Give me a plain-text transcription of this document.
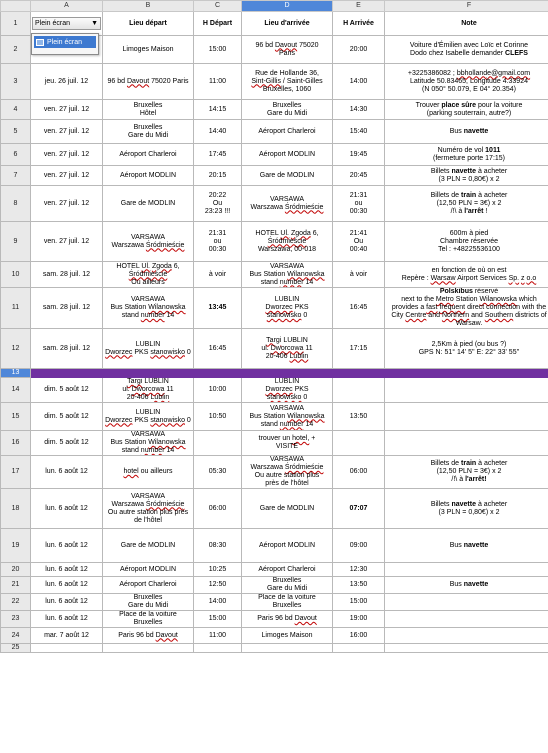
	A	B	C	D	E	F
1	Plein écran ▼	Lieu départ	H Départ	Lieu d'arrivée	H Arrivée	Note
2		Limoges Maison	15:00	96 bd Davout 75020
Paris	20:00	Voiture d'Émilien avec Loïc et Corinne
Dodo chez Isabelle demander CLEFS
3	jeu. 26 juil. 12	96 bd Davout 75020 Paris	11:00	Rue de Hollande 36,
Sint-Gillis / Saint-Gilles
Bruxelles, 1060	14:00	+3225386082 ; bbhollande@gmail.com
Latitude 50.83465, Longitude 4.33924
(N 050° 50.079, E 04° 20.354)
4	ven. 27 juil. 12	Bruxelles
Hôtel	14:15	Bruxelles
Gare du Midi	14:30	Trouver place sûre pour la voiture
(parking souterrain, autre?)
5	ven. 27 juil. 12	Bruxelles
Gare du Midi	14:40	Aéroport Charleroi	15:40	Bus navette
6	ven. 27 juil. 12	Aéroport Charleroi	17:45	Aéroport MODLIN	19:45	Numéro de vol 1011
(fermeture porte 17:15)
7	ven. 27 juil. 12	Aéroport MODLIN	20:15	Gare de MODLIN	20:45	Billets navette à acheter
(3 PLN = 0,80€) x 2
8	ven. 27 juil. 12	Gare de MODLIN	20:22
Ou
23:23 !!!	VARSAWA
Warszawa Śródmieście	21:31
ou
00:30	Billets de train à acheter
(12,50 PLN = 3€) x 2
/!\ à l'arrêt !
9	ven. 27 juil. 12	VARSAWA
Warszawa Śródmieście	21:31
ou
00:30	HOTEL Ul. Zgoda 6,
Śródmieście
Warszawa, 00-018	21:41
Ou
00:40	600m à pied
Chambre réservée
Tel : +48225536100
10	sam. 28 juil. 12	HOTEL Ul. Zgoda 6,
Śródmieście
Ou ailleurs	à voir	VARSAWA
Bus Station Wilanowska
stand number 14	à voir	en fonction de où on est
Repère : Warsaw Airport Services Sp. z o.o
11	sam. 28 juil. 12	VARSAWA
Bus Station Wilanowska
stand number 14	13:45	LUBLIN
Dworzec PKS
stanowisko 0	16:45	Polskibus réservé
next to the Metro Station Wilanowska which
provides a fast frequent direct connection with the
City Centre and Northern and Southern districts of
Warsaw.
12	sam. 28 juil. 12	LUBLIN
Dworzec PKS stanowisko 0	16:45	Targi LUBLIN
ul. Dworcowa 11
20-406 Lublin	17:15	2,5Km à pied (ou bus ?)
GPS N: 51° 14' 5'' E: 22° 33' 55''
13						
14	dim. 5 août 12	Targi LUBLIN
ul. Dworcowa 11
20-406 Lublin	10:00	LUBLIN
Dworzec PKS
stanowisko 0		
15	dim. 5 août 12	LUBLIN
Dworzec PKS stanowisko 0	10:50	VARSAWA
Bus Station Wilanowska
stand number 14	13:50	
16	dim. 5 août 12	VARSAWA
Bus Station Wilanowska
stand number 14		trouver un hotel, +
VISITE		
17	lun. 6 août 12	hotel ou ailleurs	05:30	VARSAWA
Warszawa Śródmieście
Ou autre station plus
près de l'hôtel	06:00	Billets de train à acheter
(12,50 PLN = 3€) x 2
/!\ à l'arrêt!
18	lun. 6 août 12	VARSAWA
Warszawa Śródmieście
Ou autre station plus près
de l'hôtel	06:00	Gare de MODLIN	07:07	Billets navette à acheter
(3 PLN = 0,80€) x 2
19	lun. 6 août 12	Gare de MODLIN	08:30	Aéroport MODLIN	09:00	Bus navette
20	lun. 6 août 12	Aéroport MODLIN	10:25	Aéroport Charleroi	12:30	
21	lun. 6 août 12	Aéroport Charleroi	12:50	Bruxelles
Gare du Midi	13:50	Bus navette
22	lun. 6 août 12	Bruxelles
Gare du Midi	14:00	Place de la voiture
Bruxelles	15:00	
23	lun. 6 août 12	Place de la voiture
Bruxelles	15:00	Paris 96 bd Davout	19:00	
24	mar. 7 août 12	Paris 96 bd Davout	11:00	Limoges Maison	16:00	
25						
Plein écran
